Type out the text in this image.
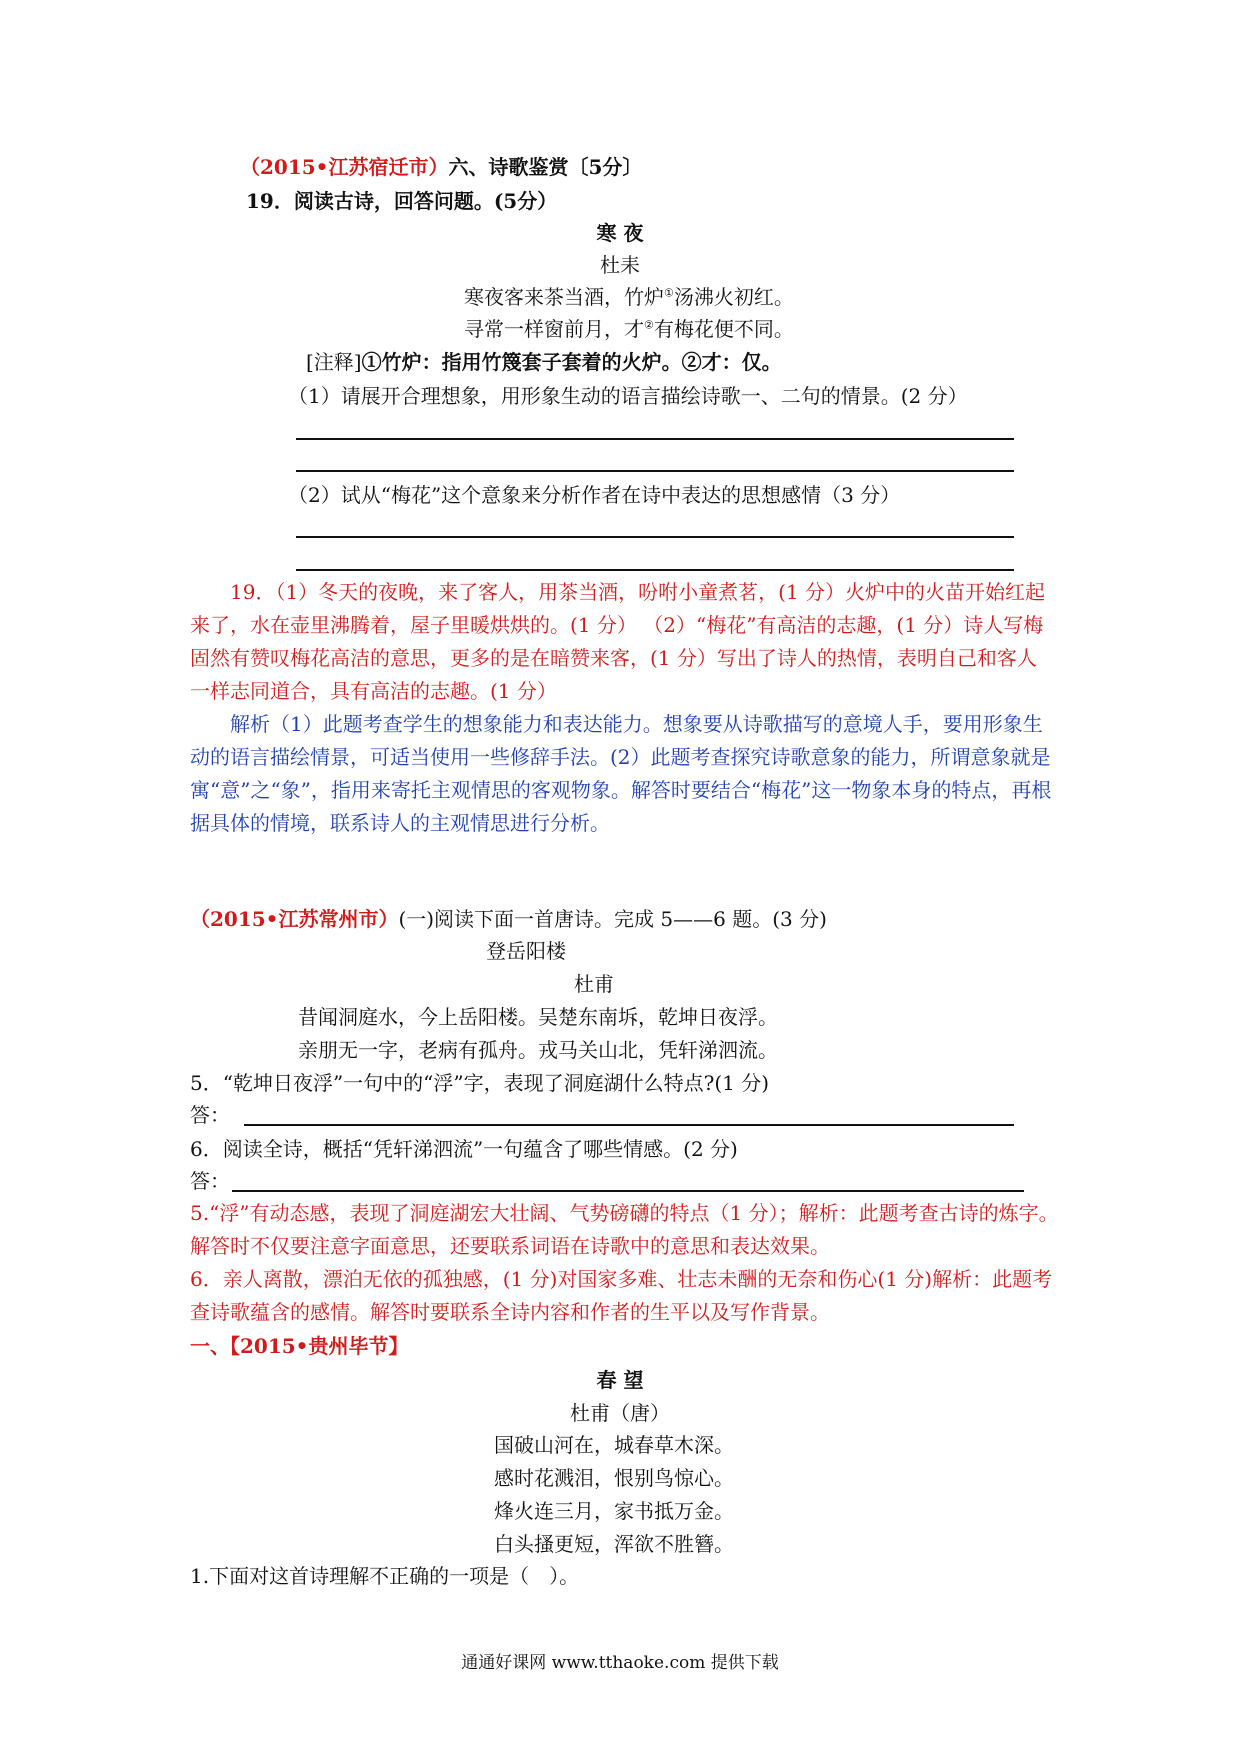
（2015•江苏宿迁市）六、诗歌鉴赏〔5分〕
19．阅读古诗，回答问题。(5分）
寒 夜
杜耒
寒夜客来茶当酒，竹炉①汤沸火初红。
寻常一样窗前月，才②有梅花便不同。
[注释]①竹炉：指用竹篾套子套着的火炉。②才：仅。
（1）请展开合理想象，用形象生动的语言描绘诗歌一、二句的情景。(2 分）
（2）试从“梅花”这个意象来分析作者在诗中表达的思想感情（3 分）
19．（1）冬天的夜晚，来了客人，用茶当酒，吩咐小童煮茗，(1 分）火炉中的火苗开始红起来了，水在壶里沸腾着，屋子里暖烘烘的。(1 分） （2）“梅花”有高洁的志趣，(1 分）诗人写梅固然有赞叹梅花高洁的意思，更多的是在暗赞来客，(1 分）写出了诗人的热情，表明自己和客人一样志同道合，具有高洁的志趣。(1 分）
解析（1）此题考查学生的想象能力和表达能力。想象要从诗歌描写的意境人手，要用形象生动的语言描绘情景，可适当使用一些修辞手法。(2）此题考查探究诗歌意象的能力，所谓意象就是寓“意”之“象”，指用来寄托主观情思的客观物象。解答时要结合“梅花”这一物象本身的特点，再根据具体的情境，联系诗人的主观情思进行分析。
（2015•江苏常州市）(一)阅读下面一首唐诗。完成 5——6 题。(3 分)
登岳阳楼
杜甫
昔闻洞庭水，今上岳阳楼。吴楚东南坼，乾坤日夜浮。
亲朋无一字，老病有孤舟。戎马关山北，凭轩涕泗流。
5．“乾坤日夜浮”一句中的“浮”字，表现了洞庭湖什么特点?(1 分)
答：
6．阅读全诗，概括“凭轩涕泗流”一句蕴含了哪些情感。(2 分)
答：
5.“浮”有动态感，表现了洞庭湖宏大壮阔、气势磅礴的特点（1 分）；解析：此题考查古诗的炼字。解答时不仅要注意字面意思，还要联系词语在诗歌中的意思和表达效果。
6．亲人离散，漂泊无依的孤独感，(1 分)对国家多难、壮志未酬的无奈和伤心(1 分)解析：此题考查诗歌蕴含的感情。解答时要联系全诗内容和作者的生平以及写作背景。
一、【2015•贵州毕节】
春 望
杜甫（唐）
国破山河在，城春草木深。
感时花溅泪，恨别鸟惊心。
烽火连三月，家书抵万金。
白头搔更短，浑欲不胜簪。
1.下面对这首诗理解不正确的一项是（　）。
通通好课网 www.tthaoke.com 提供下载
